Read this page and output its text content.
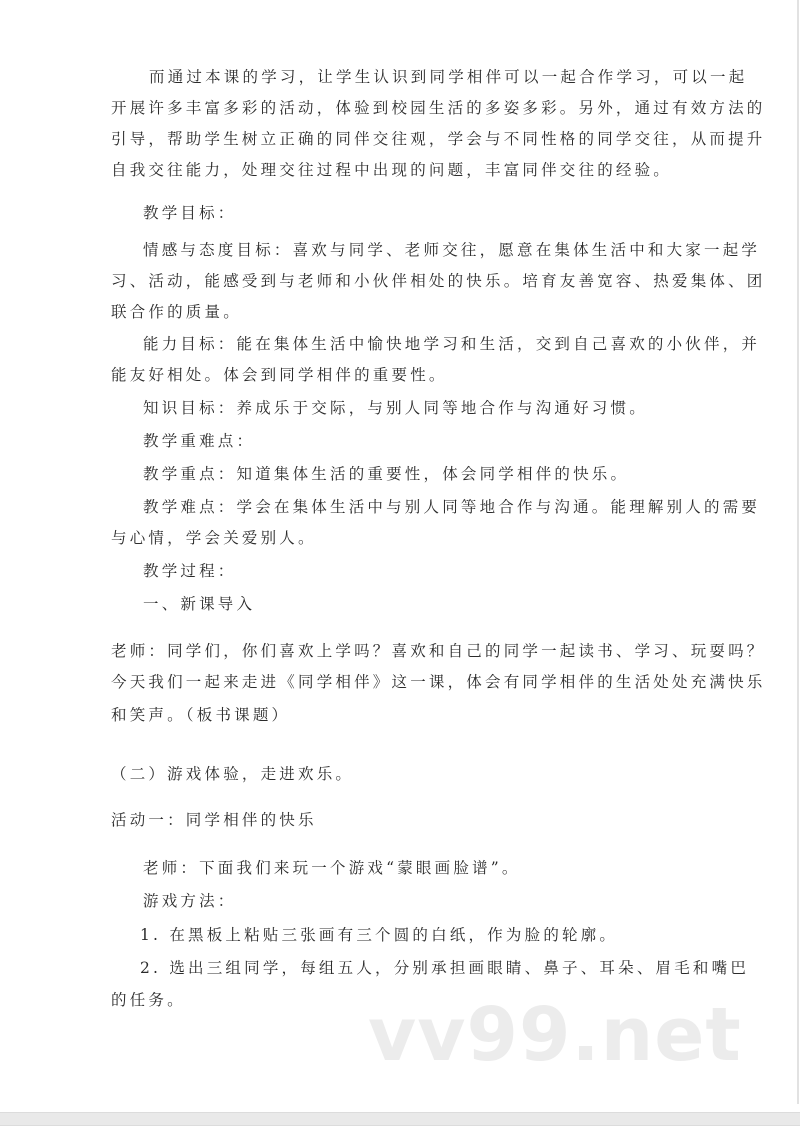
而通过本课的学习，让学生认识到同学相伴可以一起合作学习，可以一起
开展许多丰富多彩的活动，体验到校园生活的多姿多彩。另外，通过有效方法的
引导，帮助学生树立正确的同伴交往观，学会与不同性格的同学交往，从而提升
自我交往能力，处理交往过程中出现的问题，丰富同伴交往的经验。
教学目标：
情感与态度目标：喜欢与同学、老师交往，愿意在集体生活中和大家一起学
习、活动，能感受到与老师和小伙伴相处的快乐。培育友善宽容、热爱集体、团
联合作的质量。
能力目标：能在集体生活中愉快地学习和生活，交到自己喜欢的小伙伴，并
能友好相处。体会到同学相伴的重要性。
知识目标：养成乐于交际，与别人同等地合作与沟通好习惯。
教学重难点：
教学重点：知道集体生活的重要性，体会同学相伴的快乐。
教学难点：学会在集体生活中与别人同等地合作与沟通。能理解别人的需要
与心情，学会关爱别人。
教学过程：
一、新课导入
老师：同学们，你们喜欢上学吗？喜欢和自己的同学一起读书、学习、玩耍吗？
今天我们一起来走进《同学相伴》这一课，体会有同学相伴的生活处处充满快乐
和笑声。（板书课题）
（二）游戏体验，走进欢乐。
活动一：同学相伴的快乐
老师：下面我们来玩一个游戏“蒙眼画脸谱”。
游戏方法：
1. 在黑板上粘贴三张画有三个圆的白纸，作为脸的轮廓。
2. 选出三组同学，每组五人，分别承担画眼睛、鼻子、耳朵、眉毛和嘴巴
的任务。	vv99.net
